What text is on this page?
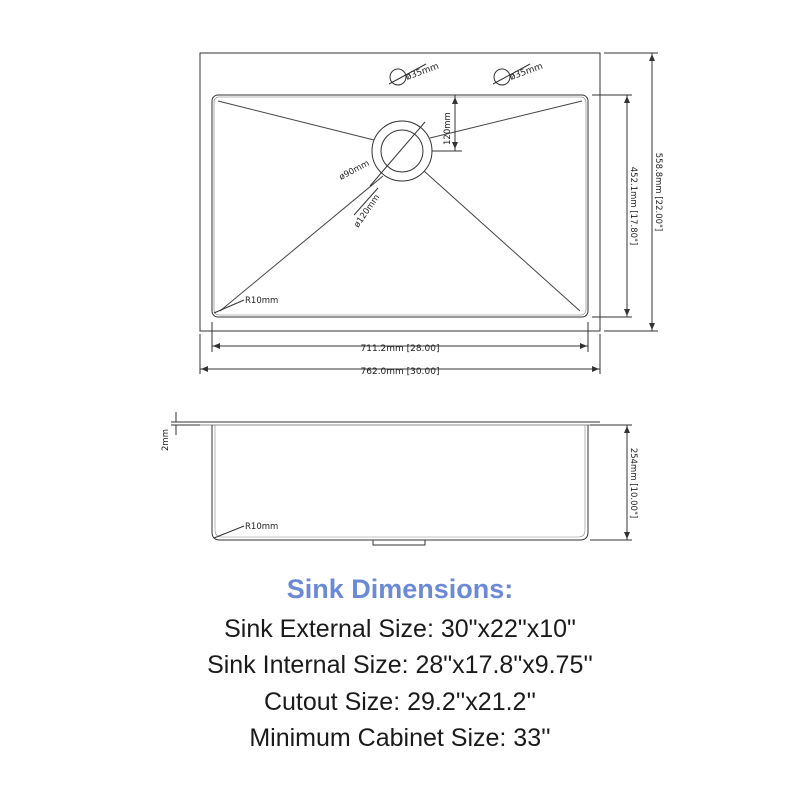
ø35mm	ø35mm
120mm
ø90mm
ø120mm
R10mm
711.2mm [28.00]
762.0mm [30.00]
452.1mm [17.80"] 558.8mm [22.00"]
2mm
R10mm
254mm [10.00"]
Sink Dimensions:
Sink External Size: 30"x22"x10"
Sink Internal Size: 28"x17.8"x9.75''
Cutout Size: 29.2''x21.2''
Minimum Cabinet Size: 33''
